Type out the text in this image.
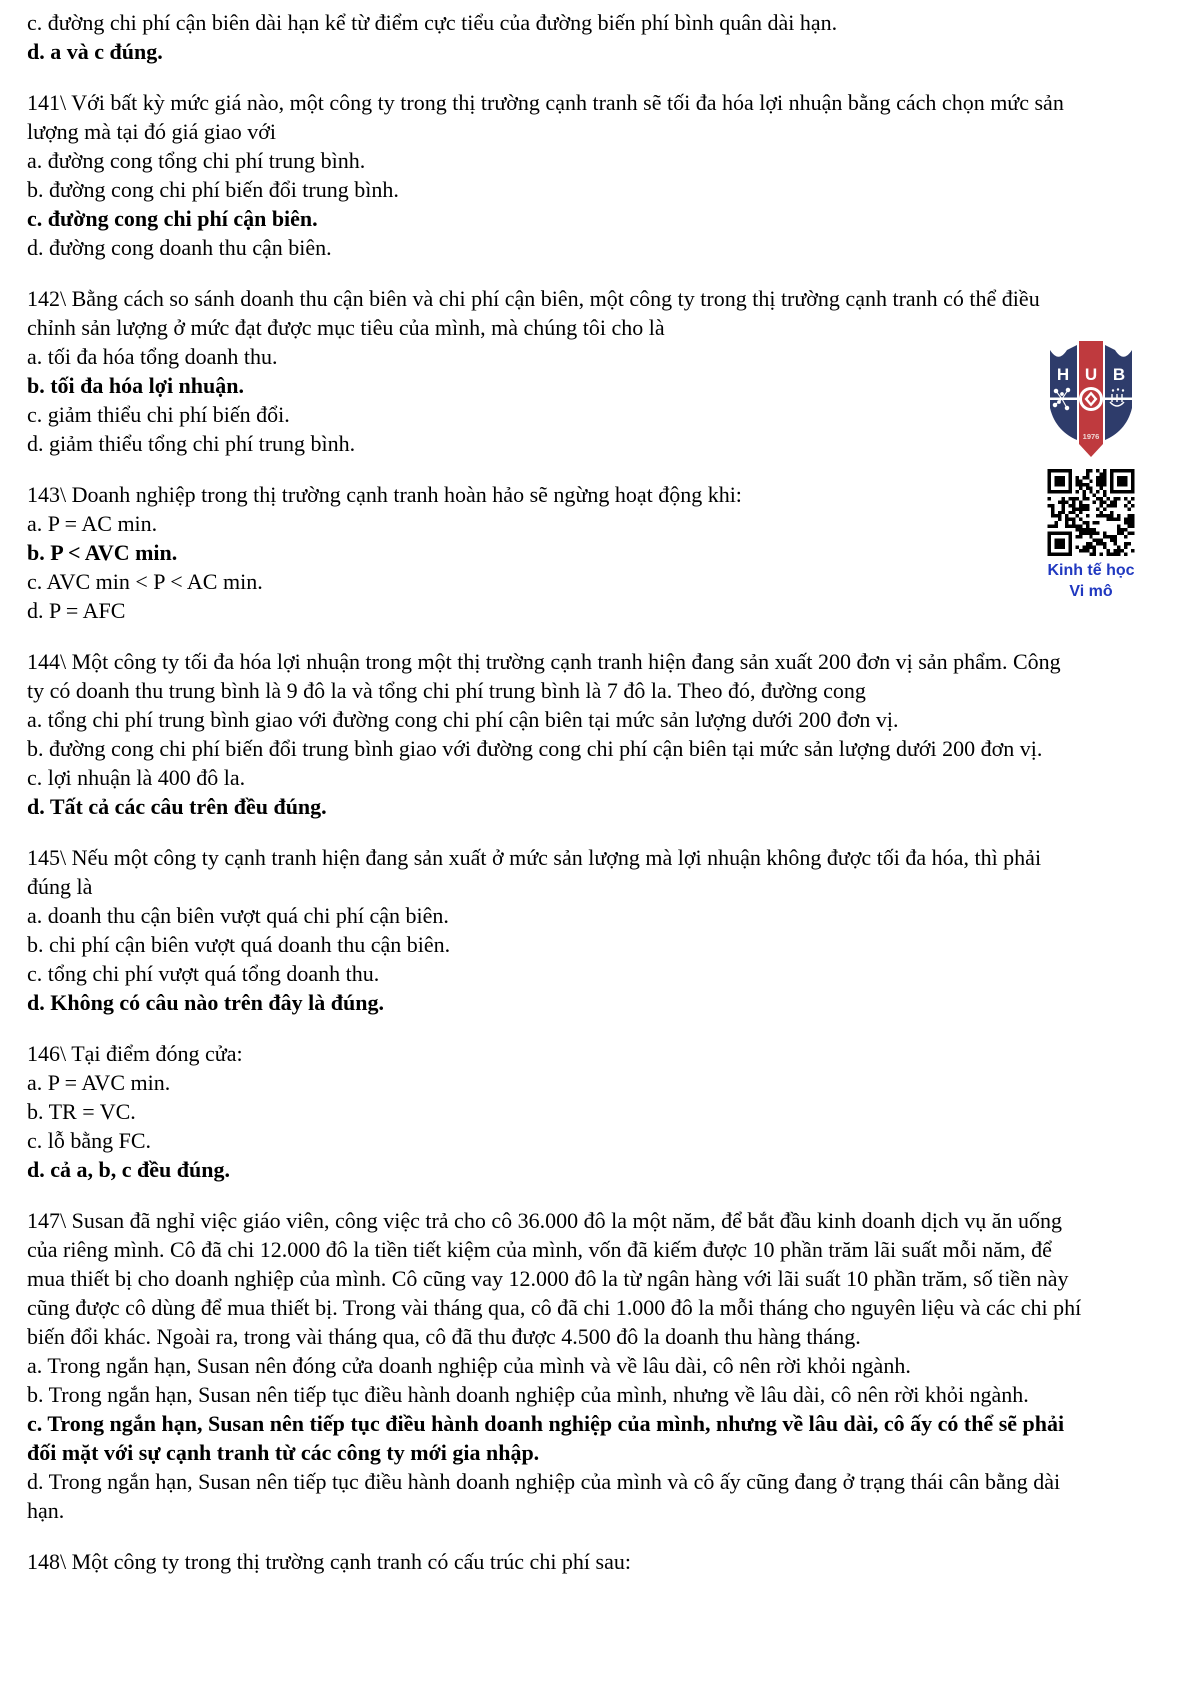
c. đường chi phí cận biên dài hạn kể từ điểm cực tiểu của đường biến phí bình quân dài hạn.
d. a và c đúng.
141\ Với bất kỳ mức giá nào, một công ty trong thị trường cạnh tranh sẽ tối đa hóa lợi nhuận bằng cách chọn mức sản
lượng mà tại đó giá giao với
a. đường cong tổng chi phí trung bình.
b. đường cong chi phí biến đổi trung bình.
c. đường cong chi phí cận biên.
d. đường cong doanh thu cận biên.
142\ Bằng cách so sánh doanh thu cận biên và chi phí cận biên, một công ty trong thị trường cạnh tranh có thể điều
chỉnh sản lượng ở mức đạt được mục tiêu của mình, mà chúng tôi cho là
a. tối đa hóa tổng doanh thu.
b. tối đa hóa lợi nhuận.
c. giảm thiểu chi phí biến đổi.
d. giảm thiểu tổng chi phí trung bình.
143\ Doanh nghiệp trong thị trường cạnh tranh hoàn hảo sẽ ngừng hoạt động khi:
a. P = AC min.
b. P < AVC min.
c. AVC min < P < AC min.
d. P = AFC
144\ Một công ty tối đa hóa lợi nhuận trong một thị trường cạnh tranh hiện đang sản xuất 200 đơn vị sản phẩm. Công
ty có doanh thu trung bình là 9 đô la và tổng chi phí trung bình là 7 đô la. Theo đó, đường cong
a. tổng chi phí trung bình giao với đường cong chi phí cận biên tại mức sản lượng dưới 200 đơn vị.
b. đường cong chi phí biến đổi trung bình giao với đường cong chi phí cận biên tại mức sản lượng dưới 200 đơn vị.
c. lợi nhuận là 400 đô la.
d. Tất cả các câu trên đều đúng.
145\ Nếu một công ty cạnh tranh hiện đang sản xuất ở mức sản lượng mà lợi nhuận không được tối đa hóa, thì phải
đúng là
a. doanh thu cận biên vượt quá chi phí cận biên.
b. chi phí cận biên vượt quá doanh thu cận biên.
c. tổng chi phí vượt quá tổng doanh thu.
d. Không có câu nào trên đây là đúng.
146\ Tại điểm đóng cửa:
a. P = AVC min.
b. TR = VC.
c. lỗ bằng FC.
d. cả a, b, c đều đúng.
147\ Susan đã nghỉ việc giáo viên, công việc trả cho cô 36.000 đô la một năm, để bắt đầu kinh doanh dịch vụ ăn uống
của riêng mình. Cô đã chi 12.000 đô la tiền tiết kiệm của mình, vốn đã kiếm được 10 phần trăm lãi suất mỗi năm, để
mua thiết bị cho doanh nghiệp của mình. Cô cũng vay 12.000 đô la từ ngân hàng với lãi suất 10 phần trăm, số tiền này
cũng được cô dùng để mua thiết bị. Trong vài tháng qua, cô đã chi 1.000 đô la mỗi tháng cho nguyên liệu và các chi phí
biến đổi khác. Ngoài ra, trong vài tháng qua, cô đã thu được 4.500 đô la doanh thu hàng tháng.
a. Trong ngắn hạn, Susan nên đóng cửa doanh nghiệp của mình và về lâu dài, cô nên rời khỏi ngành.
b. Trong ngắn hạn, Susan nên tiếp tục điều hành doanh nghiệp của mình, nhưng về lâu dài, cô nên rời khỏi ngành.
c. Trong ngắn hạn, Susan nên tiếp tục điều hành doanh nghiệp của mình, nhưng về lâu dài, cô ấy có thể sẽ phải
đối mặt với sự cạnh tranh từ các công ty mới gia nhập.
d. Trong ngắn hạn, Susan nên tiếp tục điều hành doanh nghiệp của mình và cô ấy cũng đang ở trạng thái cân bằng dài
hạn.
148\ Một công ty trong thị trường cạnh tranh có cấu trúc chi phí sau:
H U B
1976
Kinh tế học
Vi mô
